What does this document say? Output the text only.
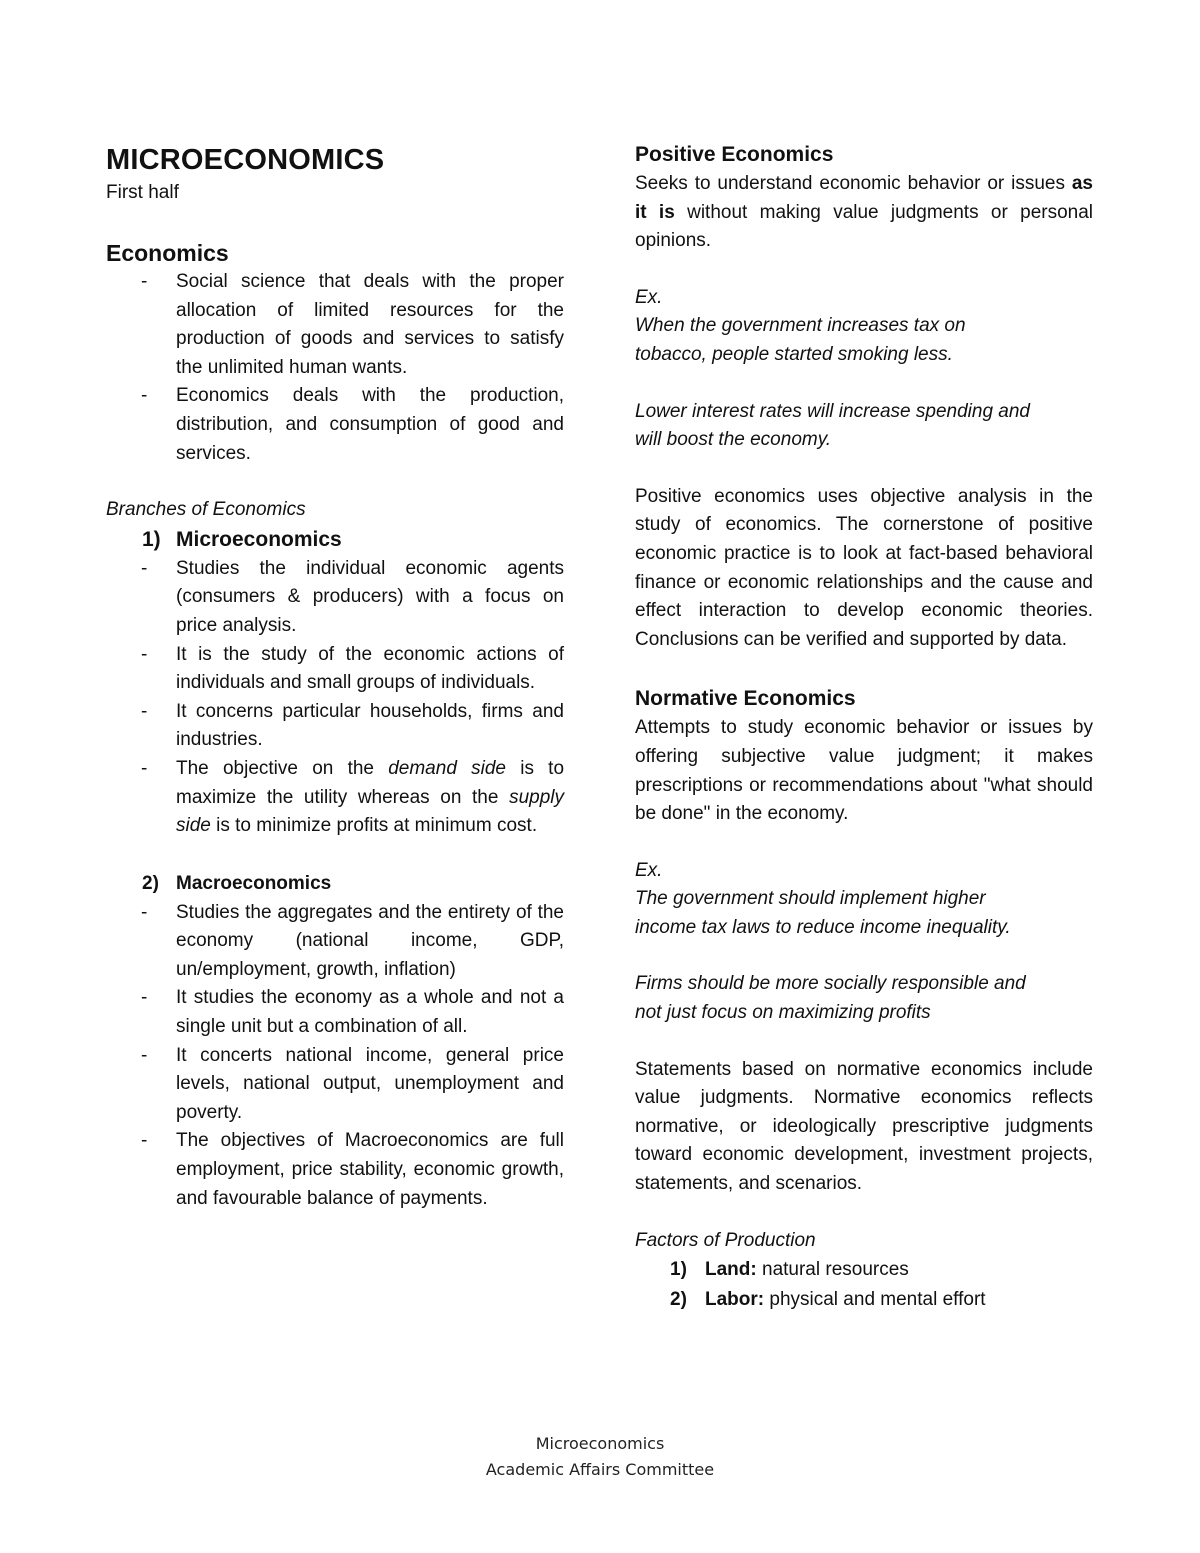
MICROECONOMICS

First half

Economics
- Social science that deals with the proper allocation of limited resources for the production of goods and services to satisfy the unlimited human wants.
- Economics deals with the production, distribution, and consumption of good and services.

Branches of Economics

1) Microeconomics
- Studies the individual economic agents (consumers & producers) with a focus on price analysis.
- It is the study of the economic actions of individuals and small groups of individuals.
- It concerns particular households, firms and industries.
- The objective on the demand side is to maximize the utility whereas on the supply side is to minimize profits at minimum cost.
2) Macroeconomics
- Studies the aggregates and the entirety of the economy (national income, GDP, un/employment, growth, inflation)
- It studies the economy as a whole and not a single unit but a combination of all.
- It concerts national income, general price levels, national output, unemployment and poverty.
- The objectives of Macroeconomics are full employment, price stability, economic growth, and favourable balance of payments.
Positive Economics

Seeks to understand economic behavior or issues as it is without making value judgments or personal opinions.

Ex.

When the government increases tax on

tobacco, people started smoking less.

Lower interest rates will increase spending and

will boost the economy.

Positive economics uses objective analysis in the study of economics. The cornerstone of positive economic practice is to look at fact-based behavioral finance or economic relationships and the cause and effect interaction to develop economic theories. Conclusions can be verified and supported by data.

Normative Economics

Attempts to study economic behavior or issues by offering subjective value judgment; it makes prescriptions or recommendations about "what should be done" in the economy.

Ex.

The government should implement higher

income tax laws to reduce income inequality.

Firms should be more socially responsible and

not just focus on maximizing profits

Statements based on normative economics include value judgments. Normative economics reflects normative, or ideologically prescriptive judgments toward economic development, investment projects, statements, and scenarios.

Factors of Production

1) Land: natural resources
2) Labor: physical and mental effort
Microeconomics
Academic Affairs Committee
